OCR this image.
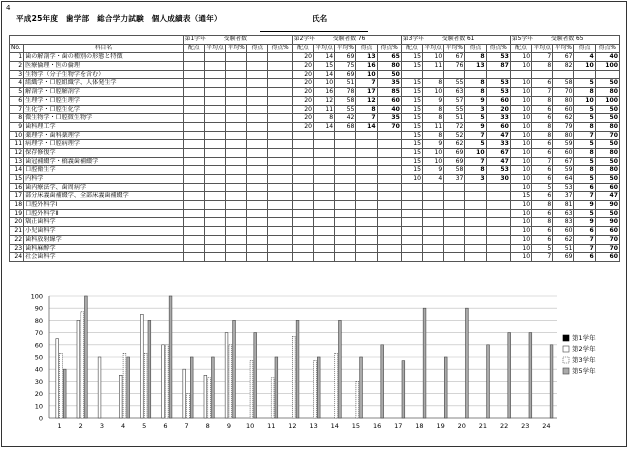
4
平成25年度　歯学部　総合学力試験　個人成績表（通年）	氏名
		第1学年 受験者数					第2学年 受験者数 76					第3学年 受験者数 61					第5学年 受験者数 65				
No.	科目名	配点	平均点	平均%	得点	得点%	配点	平均点	平均%	得点	得点%	配点	平均点	平均%	得点	得点%	配点	平均点	平均%	得点	得点%
1	歯の解剖学・歯の種別の形態と特徴						20	14	69	13	65	15	10	67	8	53	10	7	67	4	40
2	医療倫理・医の倫理						20	15	75	16	80	15	11	76	13	87	10	8	82	10	100
3	生物学（分子生物学を含む）						20	14	69	10	50										
4	組織学・口腔組織学、人体発生学						20	10	51	7	35	15	8	55	8	53	10	6	58	5	50
5	解剖学・口腔解剖学						20	16	78	17	85	15	10	63	8	53	10	7	70	8	80
6	生理学・口腔生理学						20	12	58	12	60	15	9	57	9	60	10	8	80	10	100
7	生化学・口腔生化学						20	11	55	8	40	15	8	55	3	20	10	6	60	5	50
8	微生物学・口腔微生物学						20	8	42	7	35	15	8	51	5	33	10	6	62	5	50
9	歯科理工学						20	14	68	14	70	15	11	72	9	60	10	8	79	8	80
10	薬理学・歯科薬理学											15	8	52	7	47	10	8	80	7	70
11	病理学・口腔病理学											15	9	62	5	33	10	6	59	5	50
12	保存修復学											15	10	69	10	67	10	6	60	8	80
13	歯冠補綴学・橋義歯補綴学											15	10	69	7	47	10	7	67	5	50
14	口腔衛生学											15	9	58	8	53	10	6	59	8	80
15	内科学											10	4	37	3	30	10	6	64	5	50
16	歯内療法学、歯周病学																10	5	53	6	60
17	部分床義歯補綴学、全部床義歯補綴学																15	6	37	7	47
18	口腔外科学Ⅰ																10	8	81	9	90
19	口腔外科学Ⅱ																10	6	63	5	50
20	矯正歯科学																10	8	83	9	90
21	小児歯科学																10	6	60	6	60
22	歯科放射線学																10	6	62	7	70
23	歯科麻酔学																10	5	51	7	70
24	社会歯科学																10	7	69	6	60
0
10
20
30
40
50
60
70
80
90
100
1	2	3	4	5	6	7	8	9 10 11 12 13 14 15 16 17 18 19 20 21 22 23 24
第1学年
第2学年
第3学年
第5学年
